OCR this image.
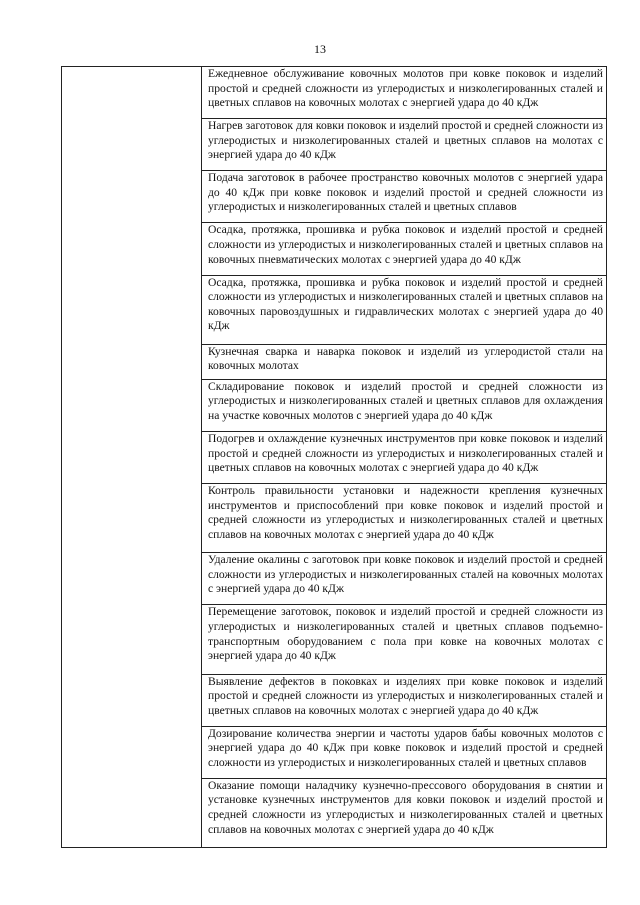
13

Ежедневное обслуживание ковочных молотов при ковке поковок и изделий простой и средней сложности из углеродистых и низколегированных сталей и цветных сплавов на ковочных молотах с энергией удара до 40 кДж

Нагрев заготовок для ковки поковок и изделий простой и средней сложности из углеродистых и низколегированных сталей и цветных сплавов на молотах с энергией удара до 40 кДж

Подача заготовок в рабочее пространство ковочных молотов с энергией удара до 40 кДж при ковке поковок и изделий простой и средней сложности из углеродистых и низколегированных сталей и цветных сплавов

Осадка, протяжка, прошивка и рубка поковок и изделий простой и средней сложности из углеродистых и низколегированных сталей и цветных сплавов на ковочных пневматических молотах с энергией удара до 40 кДж

Осадка, протяжка, прошивка и рубка поковок и изделий простой и средней сложности из углеродистых и низколегированных сталей и цветных сплавов на ковочных паровоздушных и гидравлических молотах с энергией удара до 40 кДж

Кузнечная сварка и наварка поковок и изделий из углеродистой стали на ковочных молотах

Складирование поковок и изделий простой и средней сложности из углеродистых и низколегированных сталей и цветных сплавов для охлаждения на участке ковочных молотов с энергией удара до 40 кДж

Подогрев и охлаждение кузнечных инструментов при ковке поковок и изделий простой и средней сложности из углеродистых и низколегированных сталей и цветных сплавов на ковочных молотах с энергией удара до 40 кДж

Контроль правильности установки и надежности крепления кузнечных инструментов и приспособлений при ковке поковок и изделий простой и средней сложности из углеродистых и низколегированных сталей и цветных сплавов на ковочных молотах с энергией удара до 40 кДж

Удаление окалины с заготовок при ковке поковок и изделий простой и средней сложности из углеродистых и низколегированных сталей на ковочных молотах с энергией удара до 40 кДж

Перемещение заготовок, поковок и изделий простой и средней сложности из углеродистых и низколегированных сталей и цветных сплавов подъемно-транспортным оборудованием с пола при ковке на ковочных молотах с энергией удара до 40 кДж

Выявление дефектов в поковках и изделиях при ковке поковок и изделий простой и средней сложности из углеродистых и низколегированных сталей и цветных сплавов на ковочных молотах с энергией удара до 40 кДж

Дозирование количества энергии и частоты ударов бабы ковочных молотов с энергией удара до 40 кДж при ковке поковок и изделий простой и средней сложности из углеродистых и низколегированных сталей и цветных сплавов

Оказание помощи наладчику кузнечно-прессового оборудования в снятии и установке кузнечных инструментов для ковки поковок и изделий простой и средней сложности из углеродистых и низколегированных сталей и цветных сплавов на ковочных молотах с энергией удара до 40 кДж
